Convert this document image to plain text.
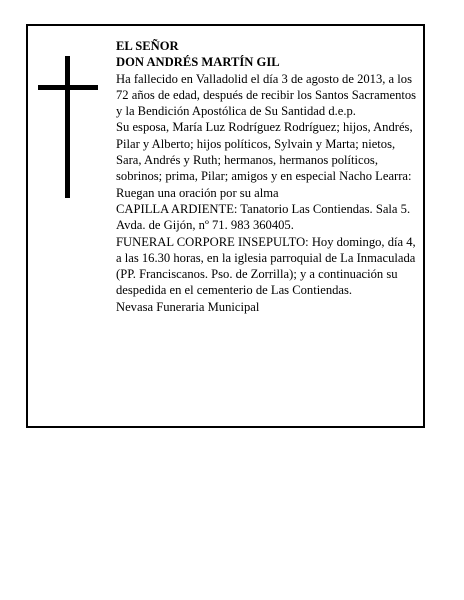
EL SEÑOR

DON ANDRÉS MARTÍN GIL

Ha fallecido en Valladolid el día 3 de agosto de 2013, a los 72 años de edad, después de recibir los Santos Sacramentos y la Bendición Apostólica de Su Santidad d.e.p.

Su esposa, María Luz Rodríguez Rodríguez; hijos, Andrés, Pilar y Alberto; hijos políticos, Sylvain y Marta; nietos, Sara, Andrés y Ruth; hermanos, hermanos políticos, sobrinos; prima, Pilar; amigos y en especial Nacho Learra:

Ruegan una oración por su alma

CAPILLA ARDIENTE: Tanatorio Las Contiendas. Sala 5. Avda. de Gijón, nº 71. 983 360405.

FUNERAL CORPORE INSEPULTO: Hoy domingo, día 4, a las 16.30 horas, en la iglesia parroquial de La Inmaculada (PP. Franciscanos. Pso. de Zorrilla); y a continuación su despedida en el cementerio de Las Contiendas.

Nevasa Funeraria Municipal
